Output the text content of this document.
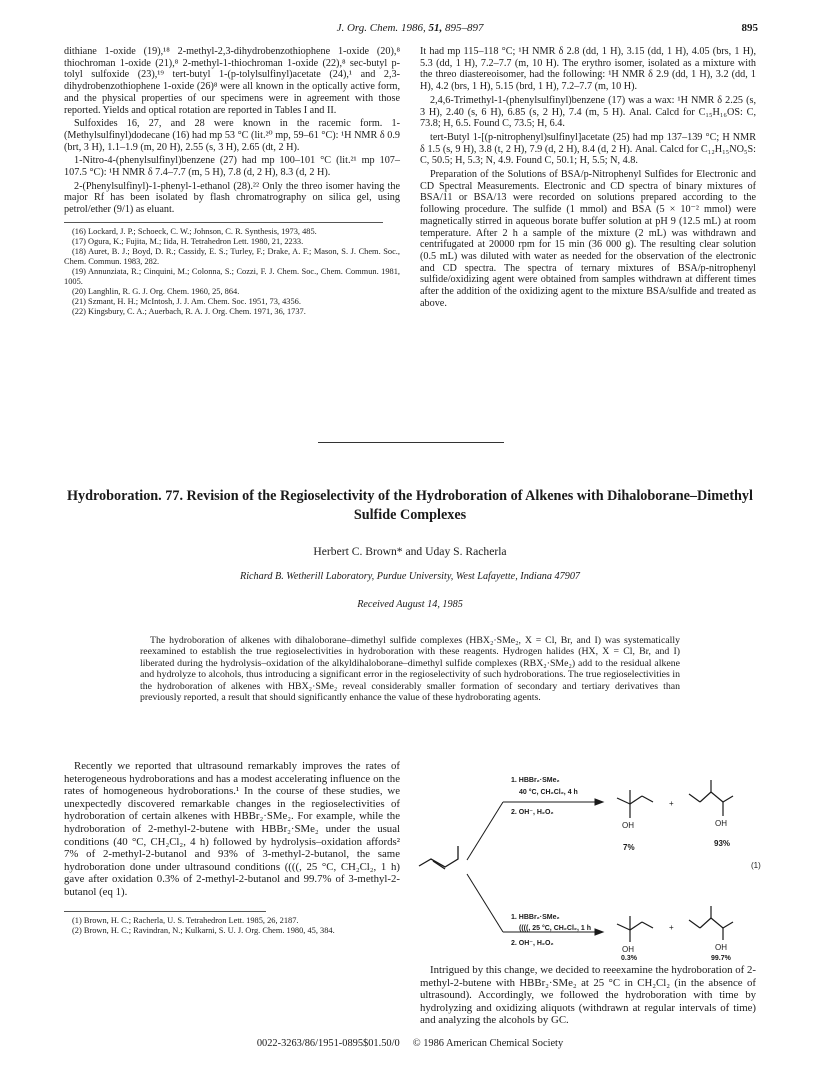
J. Org. Chem. 1986, 51, 895–897	895

dithiane 1-oxide (19),¹⁸ 2-methyl-2,3-dihydrobenzothiophene 1-oxide (20),⁸ thiochroman 1-oxide (21),⁸ 2-methyl-1-thiochroman 1-oxide (22),⁸ sec-butyl p-tolyl sulfoxide (23),¹⁹ tert-butyl 1-(p-tolylsulfinyl)acetate (24),¹ and 2,3-dihydrobenzothiophene 1-oxide (26)⁸ were all known in the optically active form, and the physical properties of our specimens were in agreement with those reported. Yields and optical rotation are reported in Tables I and II.

Sulfoxides 16, 27, and 28 were known in the racemic form. 1-(Methylsulfinyl)dodecane (16) had mp 53 °C (lit.²⁰ mp, 59–61 °C): ¹H NMR δ 0.9 (brt, 3 H), 1.1–1.9 (m, 20 H), 2.55 (s, 3 H), 2.65 (dt, 2 H).

1-Nitro-4-(phenylsulfinyl)benzene (27) had mp 100–101 °C (lit.²¹ mp 107–107.5 °C): ¹H NMR δ 7.4–7.7 (m, 5 H), 7.8 (d, 2 H), 8.3 (d, 2 H).

2-(Phenylsulfinyl)-1-phenyl-1-ethanol (28).²² Only the threo isomer having the major Rf has been isolated by flash chromatrography on silica gel, using petrol/ether (9/1) as eluant.

(16) Lockard, J. P.; Schoeck, C. W.; Johnson, C. R. Synthesis, 1973, 485.
(17) Ogura, K.; Fujita, M.; Iida, H. Tetrahedron Lett. 1980, 21, 2233.
(18) Auret, B. J.; Boyd, D. R.; Cassidy, E. S.; Turley, F.; Drake, A. F.; Mason, S. J. Chem. Soc., Chem. Commun. 1983, 282.
(19) Annunziata, R.; Cinquini, M.; Colonna, S.; Cozzi, F. J. Chem. Soc., Chem. Commun. 1981, 1005.
(20) Langhlin, R. G. J. Org. Chem. 1960, 25, 864.
(21) Szmant, H. H.; McIntosh, J. J. Am. Chem. Soc. 1951, 73, 4356.
(22) Kingsbury, C. A.; Auerbach, R. A. J. Org. Chem. 1971, 36, 1737.

It had mp 115–118 °C; ¹H NMR δ 2.8 (dd, 1 H), 3.15 (dd, 1 H), 4.05 (brs, 1 H), 5.3 (dd, 1 H), 7.2–7.7 (m, 10 H). The erythro isomer, isolated as a mixture with the threo diastereoisomer, had the following: ¹H NMR δ 2.9 (dd, 1 H), 3.2 (dd, 1 H), 4.2 (brs, 1 H), 5.15 (brd, 1 H), 7.2–7.7 (m, 10 H).

2,4,6-Trimethyl-1-(phenylsulfinyl)benzene (17) was a wax: ¹H NMR δ 2.25 (s, 3 H), 2.40 (s, 6 H), 6.85 (s, 2 H), 7.4 (m, 5 H). Anal. Calcd for C₁₅H₁₆OS: C, 73.8; H, 6.5. Found C, 73.5; H, 6.4.

tert-Butyl 1-[(p-nitrophenyl)sulfinyl]acetate (25) had mp 137–139 °C; H NMR δ 1.5 (s, 9 H), 3.8 (t, 2 H), 7.9 (d, 2 H), 8.4 (d, 2 H). Anal. Calcd for C₁₂H₁₅NO₅S: C, 50.5; H, 5.3; N, 4.9. Found C, 50.1; H, 5.5; N, 4.8.

Preparation of the Solutions of BSA/p-Nitrophenyl Sulfides for Electronic and CD Spectral Measurements. Electronic and CD spectra of binary mixtures of BSA/11 or BSA/13 were recorded on solutions prepared according to the following procedure. The sulfide (1 mmol) and BSA (5 × 10⁻² mmol) were magnetically stirred in aqueous borate buffer solution at pH 9 (12.5 mL) at room temperature. After 2 h a sample of the mixture (2 mL) was withdrawn and centrifugated at 20000 rpm for 15 min (36 000 g). The resulting clear solution (0.5 mL) was diluted with water as needed for the observation of the electronic and CD spectra. The spectra of ternary mixtures of BSA/p-nitrophenyl sulfide/oxidizing agent were obtained from samples withdrawn at different times after the addition of the oxidizing agent to the mixture BSA/sulfide and treated as above.

Hydroboration. 77. Revision of the Regioselectivity of the Hydroboration of Alkenes with Dihaloborane–Dimethyl Sulfide Complexes
Herbert C. Brown* and Uday S. Racherla
Richard B. Wetherill Laboratory, Purdue University, West Lafayette, Indiana 47907
Received August 14, 1985

The hydroboration of alkenes with dihaloborane–dimethyl sulfide complexes (HBX₂·SMe₂, X = Cl, Br, and I) was systematically reexamined to establish the true regioselectivities in hydroboration with these reagents. Hydrogen halides (HX, X = Cl, Br, and I) liberated during the hydrolysis–oxidation of the alkyldihaloborane–dimethyl sulfide complexes (RBX₂·SMe₂) add to the residual alkene and hydrolyze to alcohols, thus introducing a significant error in the regioselectivity of such hydroborations. The true regioselectivities in the hydroboration of alkenes with HBX₂·SMe₂ reveal considerably smaller formation of secondary and tertiary derivatives than previously reported, a result that should significantly enhance the value of these hydroborating agents.

Recently we reported that ultrasound remarkably improves the rates of heterogeneous hydroborations and has a modest accelerating influence on the rates of homogeneous hydroborations.¹ In the course of these studies, we unexpectedly discovered remarkable changes in the regioselectivities of hydroboration of certain alkenes with HBBr₂·SMe₂. For example, while the hydroboration of 2-methyl-2-butene with HBBr₂·SMe₂ under the usual conditions (40 °C, CH₂Cl₂, 4 h) followed by hydrolysis–oxidation affords² 7% of 2-methyl-2-butanol and 93% of 3-methyl-2-butanol, the same hydroboration done under ultrasound conditions ((((, 25 °C, CH₂Cl₂, 1 h) gave after oxidation 0.3% of 2-methyl-2-butanol and 99.7% of 3-methyl-2-butanol (eq 1).

(1) Brown, H. C.; Racherla, U. S. Tetrahedron Lett. 1985, 26, 2187.
(2) Brown, H. C.; Ravindran, N.; Kulkarni, S. U. J. Org. Chem. 1980, 45, 384.
1. HBBr₂·SMe₂
40 °C, CH₂Cl₂, 4 h
2. OH⁻, H₂O₂
1. HBBr₂·SMe₂
((((, 25 °C, CH₂Cl₂, 1 h
2. OH⁻, H₂O₂
OH
+
OH
7%	93%
(1)
OH
+
OH
0.3%	99.7%

Intrigued by this change, we decided to reeexamine the hydroboration of 2-methyl-2-butene with HBBr₂·SMe₂ at 25 °C in CH₂Cl₂ (in the absence of ultrasound). Accordingly, we followed the hydroboration with time by hydrolyzing and oxidizing aliquots (withdrawn at regular intervals of time) and analyzing the alcohols by GC.

0022-3263/86/1951-0895$01.50/0 © 1986 American Chemical Society
